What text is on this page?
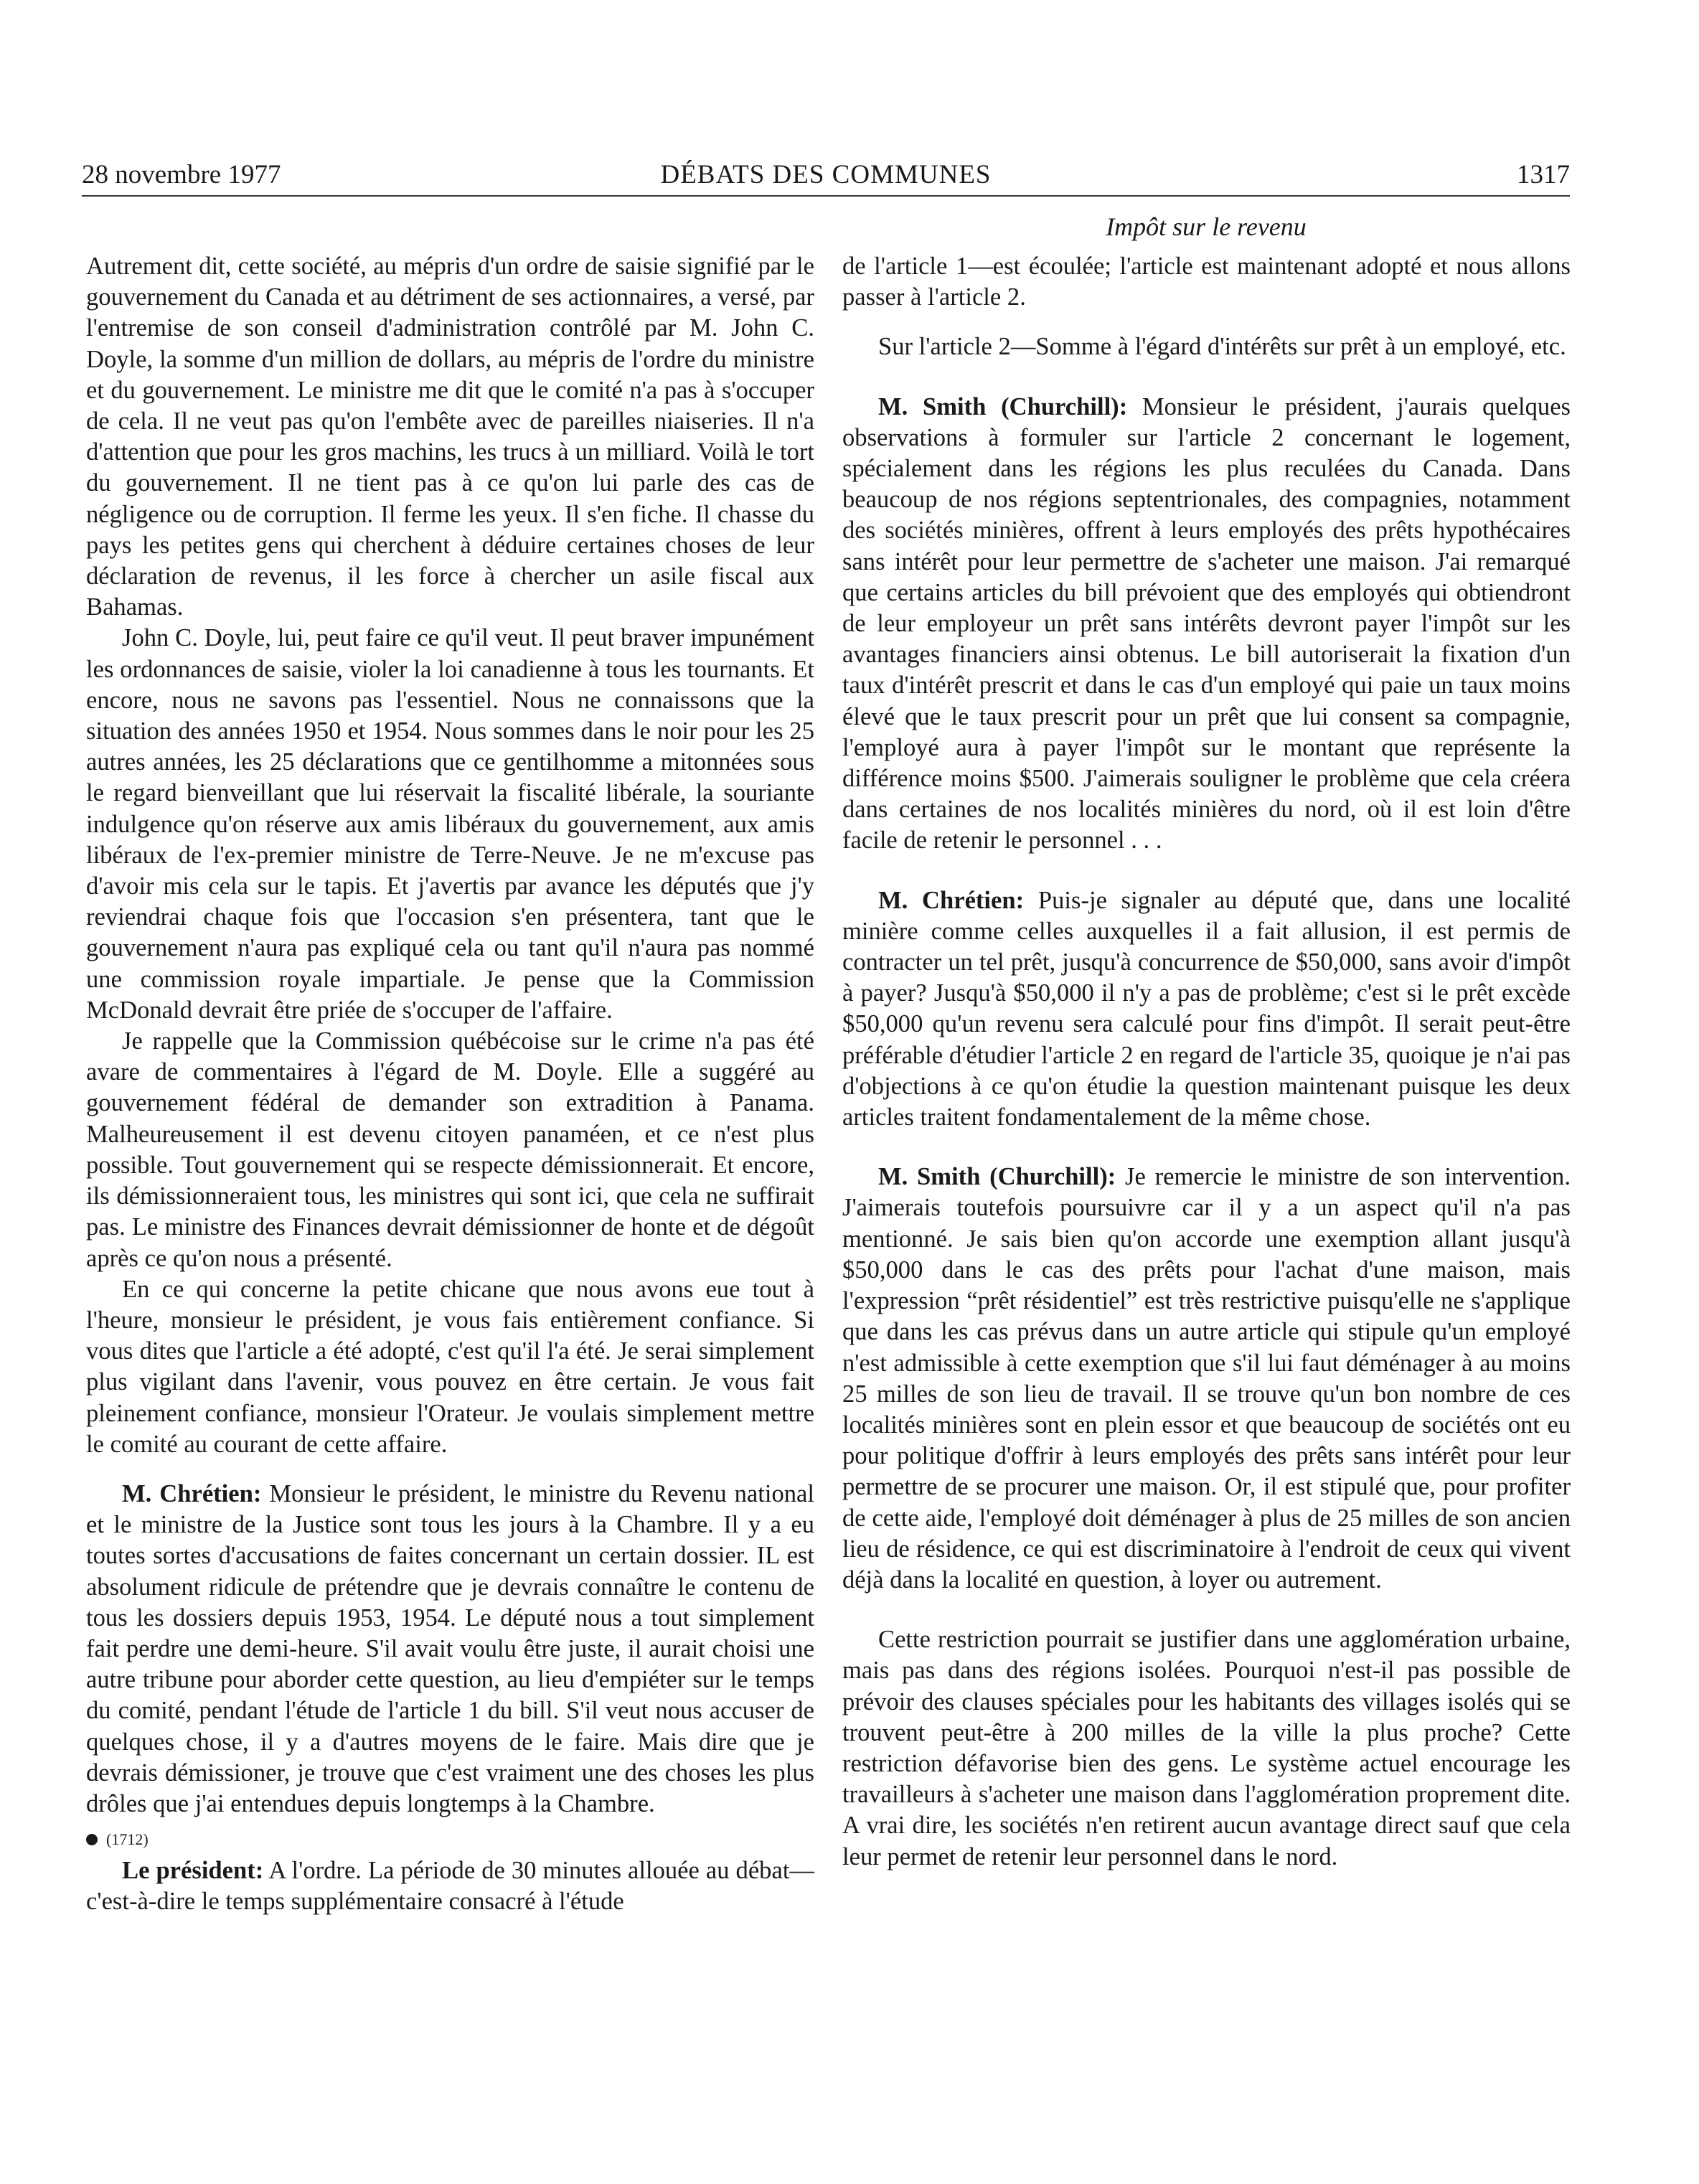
28 novembre 1977	DÉBATS DES COMMUNES	1317
Impôt sur le revenu

Autrement dit, cette société, au mépris d'un ordre de saisie signifié par le gouvernement du Canada et au détriment de ses actionnaires, a versé, par l'entremise de son conseil d'administration contrôlé par M. John C. Doyle, la somme d'un million de dollars, au mépris de l'ordre du ministre et du gouvernement. Le ministre me dit que le comité n'a pas à s'occuper de cela. Il ne veut pas qu'on l'embête avec de pareilles niaiseries. Il n'a d'attention que pour les gros machins, les trucs à un milliard. Voilà le tort du gouvernement. Il ne tient pas à ce qu'on lui parle des cas de négligence ou de corruption. Il ferme les yeux. Il s'en fiche. Il chasse du pays les petites gens qui cherchent à déduire certaines choses de leur déclaration de revenus, il les force à chercher un asile fiscal aux Bahamas.

John C. Doyle, lui, peut faire ce qu'il veut. Il peut braver impunément les ordonnances de saisie, violer la loi canadienne à tous les tournants. Et encore, nous ne savons pas l'essentiel. Nous ne connaissons que la situation des années 1950 et 1954. Nous sommes dans le noir pour les 25 autres années, les 25 déclarations que ce gentilhomme a mitonnées sous le regard bienveillant que lui réservait la fiscalité libérale, la souriante indulgence qu'on réserve aux amis libéraux du gouvernement, aux amis libéraux de l'ex-premier ministre de Terre-Neuve. Je ne m'excuse pas d'avoir mis cela sur le tapis. Et j'avertis par avance les députés que j'y reviendrai chaque fois que l'occasion s'en présentera, tant que le gouvernement n'aura pas expliqué cela ou tant qu'il n'aura pas nommé une commission royale impartiale. Je pense que la Commission McDonald devrait être priée de s'occuper de l'affaire.

Je rappelle que la Commission québécoise sur le crime n'a pas été avare de commentaires à l'égard de M. Doyle. Elle a suggéré au gouvernement fédéral de demander son extradition à Panama. Malheureusement il est devenu citoyen panaméen, et ce n'est plus possible. Tout gouvernement qui se respecte démissionnerait. Et encore, ils démissionneraient tous, les ministres qui sont ici, que cela ne suffirait pas. Le ministre des Finances devrait démissionner de honte et de dégoût après ce qu'on nous a présenté.

En ce qui concerne la petite chicane que nous avons eue tout à l'heure, monsieur le président, je vous fais entièrement confiance. Si vous dites que l'article a été adopté, c'est qu'il l'a été. Je serai simplement plus vigilant dans l'avenir, vous pouvez en être certain. Je vous fait pleinement confiance, monsieur l'Orateur. Je voulais simplement mettre le comité au courant de cette affaire.

M. Chrétien: Monsieur le président, le ministre du Revenu national et le ministre de la Justice sont tous les jours à la Chambre. Il y a eu toutes sortes d'accusations de faites concernant un certain dossier. IL est absolument ridicule de prétendre que je devrais connaître le contenu de tous les dossiers depuis 1953, 1954. Le député nous a tout simplement fait perdre une demi-heure. S'il avait voulu être juste, il aurait choisi une autre tribune pour aborder cette question, au lieu d'empiéter sur le temps du comité, pendant l'étude de l'article 1 du bill. S'il veut nous accuser de quelques chose, il y a d'autres moyens de le faire. Mais dire que je devrais démissioner, je trouve que c'est vraiment une des choses les plus drôles que j'ai entendues depuis longtemps à la Chambre.

(1712)

Le président: A l'ordre. La période de 30 minutes allouée au débat—c'est-à-dire le temps supplémentaire consacré à l'étude

de l'article 1—est écoulée; l'article est maintenant adopté et nous allons passer à l'article 2.

Sur l'article 2—Somme à l'égard d'intérêts sur prêt à un employé, etc.

M. Smith (Churchill): Monsieur le président, j'aurais quelques observations à formuler sur l'article 2 concernant le logement, spécialement dans les régions les plus reculées du Canada. Dans beaucoup de nos régions septentrionales, des compagnies, notamment des sociétés minières, offrent à leurs employés des prêts hypothécaires sans intérêt pour leur permettre de s'acheter une maison. J'ai remarqué que certains articles du bill prévoient que des employés qui obtiendront de leur employeur un prêt sans intérêts devront payer l'impôt sur les avantages financiers ainsi obtenus. Le bill autoriserait la fixation d'un taux d'intérêt prescrit et dans le cas d'un employé qui paie un taux moins élevé que le taux prescrit pour un prêt que lui consent sa compagnie, l'employé aura à payer l'impôt sur le montant que représente la différence moins $500. J'aimerais souligner le problème que cela créera dans certaines de nos localités minières du nord, où il est loin d'être facile de retenir le personnel . . .

M. Chrétien: Puis-je signaler au député que, dans une localité minière comme celles auxquelles il a fait allusion, il est permis de contracter un tel prêt, jusqu'à concurrence de $50,000, sans avoir d'impôt à payer? Jusqu'à $50,000 il n'y a pas de problème; c'est si le prêt excède $50,000 qu'un revenu sera calculé pour fins d'impôt. Il serait peut-être préférable d'étudier l'article 2 en regard de l'article 35, quoique je n'ai pas d'objections à ce qu'on étudie la question maintenant puisque les deux articles traitent fondamentalement de la même chose.

M. Smith (Churchill): Je remercie le ministre de son intervention. J'aimerais toutefois poursuivre car il y a un aspect qu'il n'a pas mentionné. Je sais bien qu'on accorde une exemption allant jusqu'à $50,000 dans le cas des prêts pour l'achat d'une maison, mais l'expression “prêt résidentiel” est très restrictive puisqu'elle ne s'applique que dans les cas prévus dans un autre article qui stipule qu'un employé n'est admissible à cette exemption que s'il lui faut déménager à au moins 25 milles de son lieu de travail. Il se trouve qu'un bon nombre de ces localités minières sont en plein essor et que beaucoup de sociétés ont eu pour politique d'offrir à leurs employés des prêts sans intérêt pour leur permettre de se procurer une maison. Or, il est stipulé que, pour profiter de cette aide, l'employé doit déménager à plus de 25 milles de son ancien lieu de résidence, ce qui est discriminatoire à l'endroit de ceux qui vivent déjà dans la localité en question, à loyer ou autrement.

Cette restriction pourrait se justifier dans une agglomération urbaine, mais pas dans des régions isolées. Pourquoi n'est-il pas possible de prévoir des clauses spéciales pour les habitants des villages isolés qui se trouvent peut-être à 200 milles de la ville la plus proche? Cette restriction défavorise bien des gens. Le système actuel encourage les travailleurs à s'acheter une maison dans l'agglomération proprement dite. A vrai dire, les sociétés n'en retirent aucun avantage direct sauf que cela leur permet de retenir leur personnel dans le nord.
